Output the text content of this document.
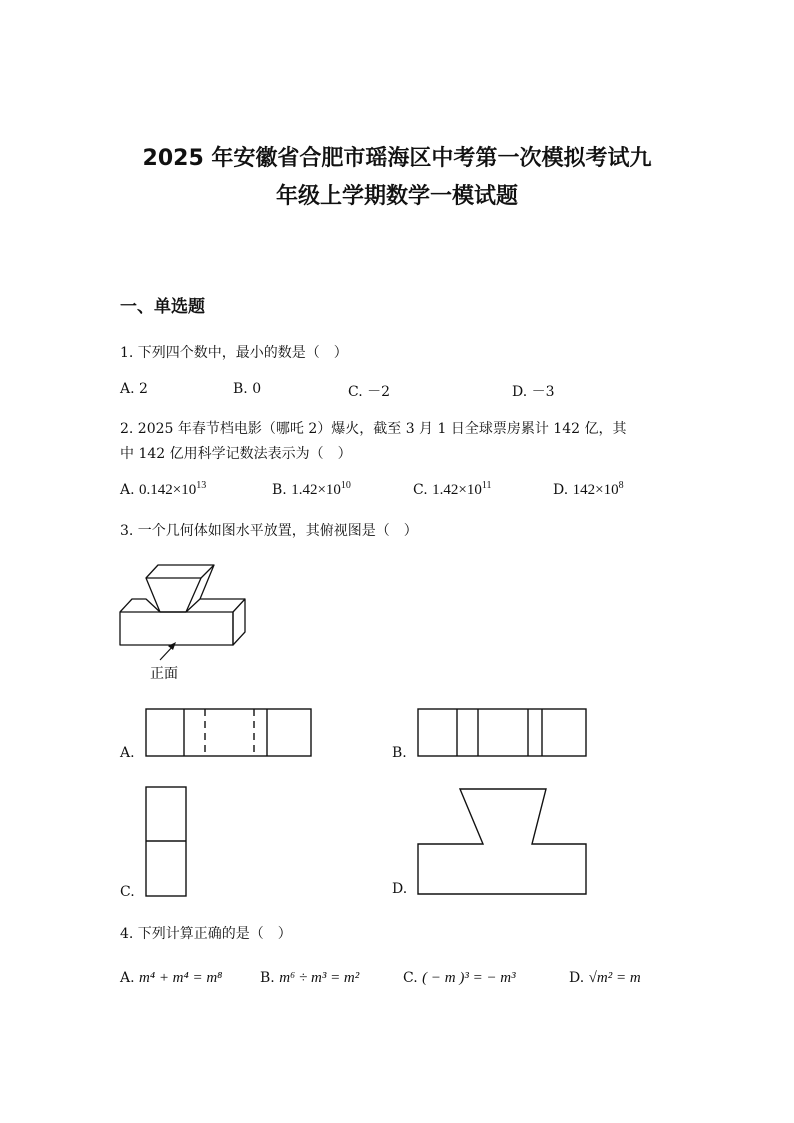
2025 年安徽省合肥市瑶海区中考第一次模拟考试九
年级上学期数学一模试题
一、单选题
1. 下列四个数中，最小的数是（　）
A. 2	B. 0	C. －2	D. －3
2. 2025 年春节档电影（哪吒 2）爆火，截至 3 月 1 日全球票房累计 142 亿，其
中 142 亿用科学记数法表示为（　）
A. $0.142\times 10^{13}$	B. $1.42\times 10^{10}$	C. $1.42\times 10^{11}$	D. $142\times 10^8$
3. 一个几何体如图水平放置，其俯视图是（　）
正面
A.	B.
C.	D.
4. 下列计算正确的是（　）
A. m⁴ + m⁴ = m⁸	B. m⁶ ÷ m³ = m²	C. ( − m )³ = − m³	D. √m² = m
